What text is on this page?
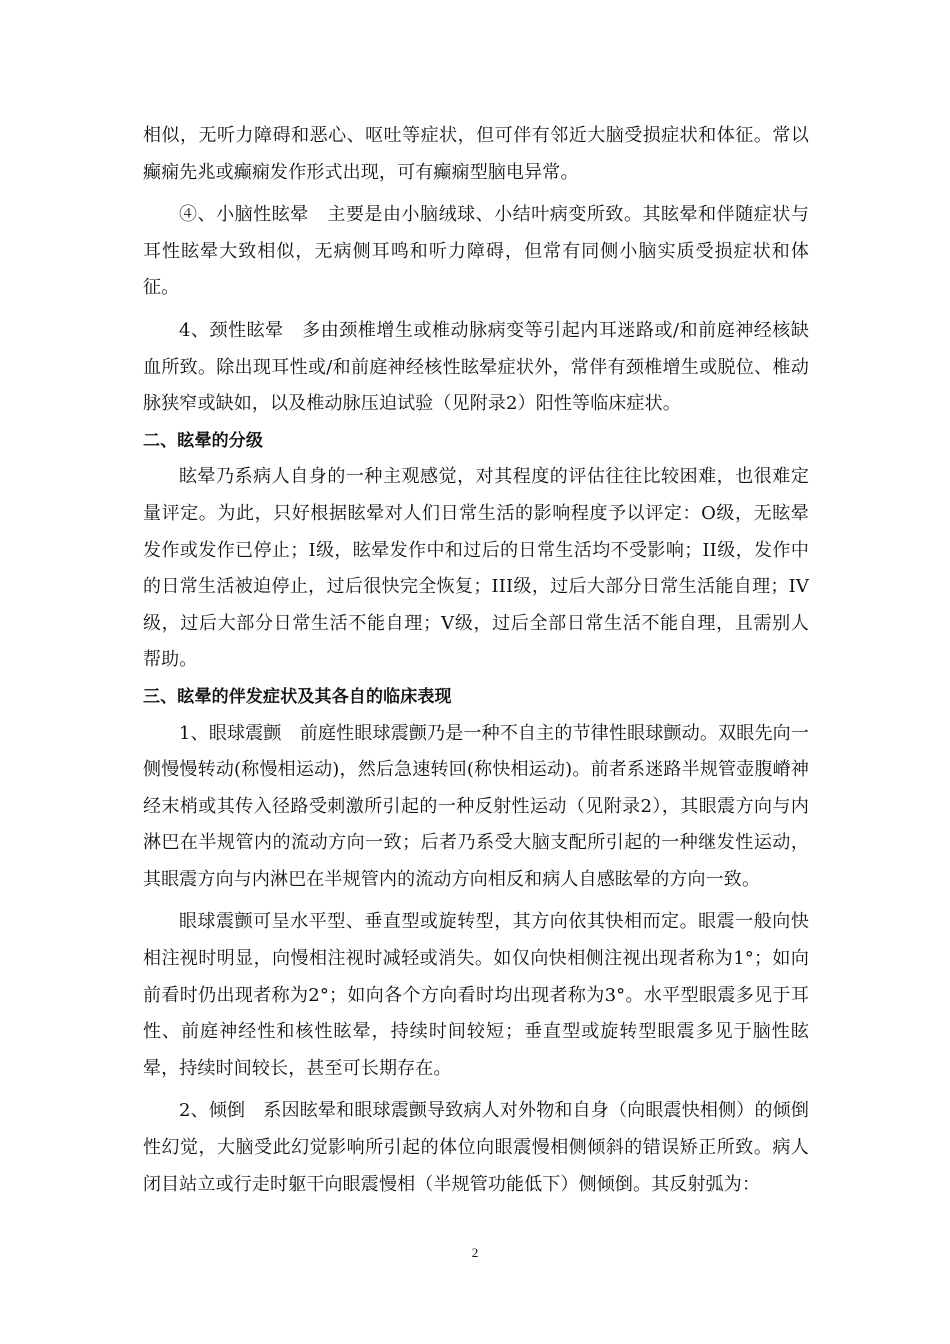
相似，无听力障碍和恶心、呕吐等症状，但可伴有邻近大脑受损症状和体征。常以癫痫先兆或癫痫发作形式出现，可有癫痫型脑电异常。

④、小脑性眩晕　主要是由小脑绒球、小结叶病变所致。其眩晕和伴随症状与耳性眩晕大致相似，无病侧耳鸣和听力障碍，但常有同侧小脑实质受损症状和体征。

4、颈性眩晕　多由颈椎增生或椎动脉病变等引起内耳迷路或/和前庭神经核缺血所致。除出现耳性或/和前庭神经核性眩晕症状外，常伴有颈椎增生或脱位、椎动脉狭窄或缺如，以及椎动脉压迫试验（见附录2）阳性等临床症状。

二、眩晕的分级

眩晕乃系病人自身的一种主观感觉，对其程度的评估往往比较困难，也很难定量评定。为此，只好根据眩晕对人们日常生活的影响程度予以评定：O级，无眩晕发作或发作已停止；I级，眩晕发作中和过后的日常生活均不受影响；II级，发作中的日常生活被迫停止，过后很快完全恢复；III级，过后大部分日常生活能自理；IV级，过后大部分日常生活不能自理；V级，过后全部日常生活不能自理，且需别人帮助。

三、眩晕的伴发症状及其各自的临床表现

1、眼球震颤　前庭性眼球震颤乃是一种不自主的节律性眼球颤动。双眼先向一侧慢慢转动(称慢相运动)，然后急速转回(称快相运动)。前者系迷路半规管壶腹嵴神经末梢或其传入径路受刺激所引起的一种反射性运动（见附录2），其眼震方向与内淋巴在半规管内的流动方向一致；后者乃系受大脑支配所引起的一种继发性运动，其眼震方向与内淋巴在半规管内的流动方向相反和病人自感眩晕的方向一致。

眼球震颤可呈水平型、垂直型或旋转型，其方向依其快相而定。眼震一般向快相注视时明显，向慢相注视时减轻或消失。如仅向快相侧注视出现者称为1°；如向前看时仍出现者称为2°；如向各个方向看时均出现者称为3°。水平型眼震多见于耳性、前庭神经性和核性眩晕，持续时间较短；垂直型或旋转型眼震多见于脑性眩晕，持续时间较长，甚至可长期存在。

2、倾倒　系因眩晕和眼球震颤导致病人对外物和自身（向眼震快相侧）的倾倒性幻觉，大脑受此幻觉影响所引起的体位向眼震慢相侧倾斜的错误矫正所致。病人闭目站立或行走时躯干向眼震慢相（半规管功能低下）侧倾倒。其反射弧为：

2
